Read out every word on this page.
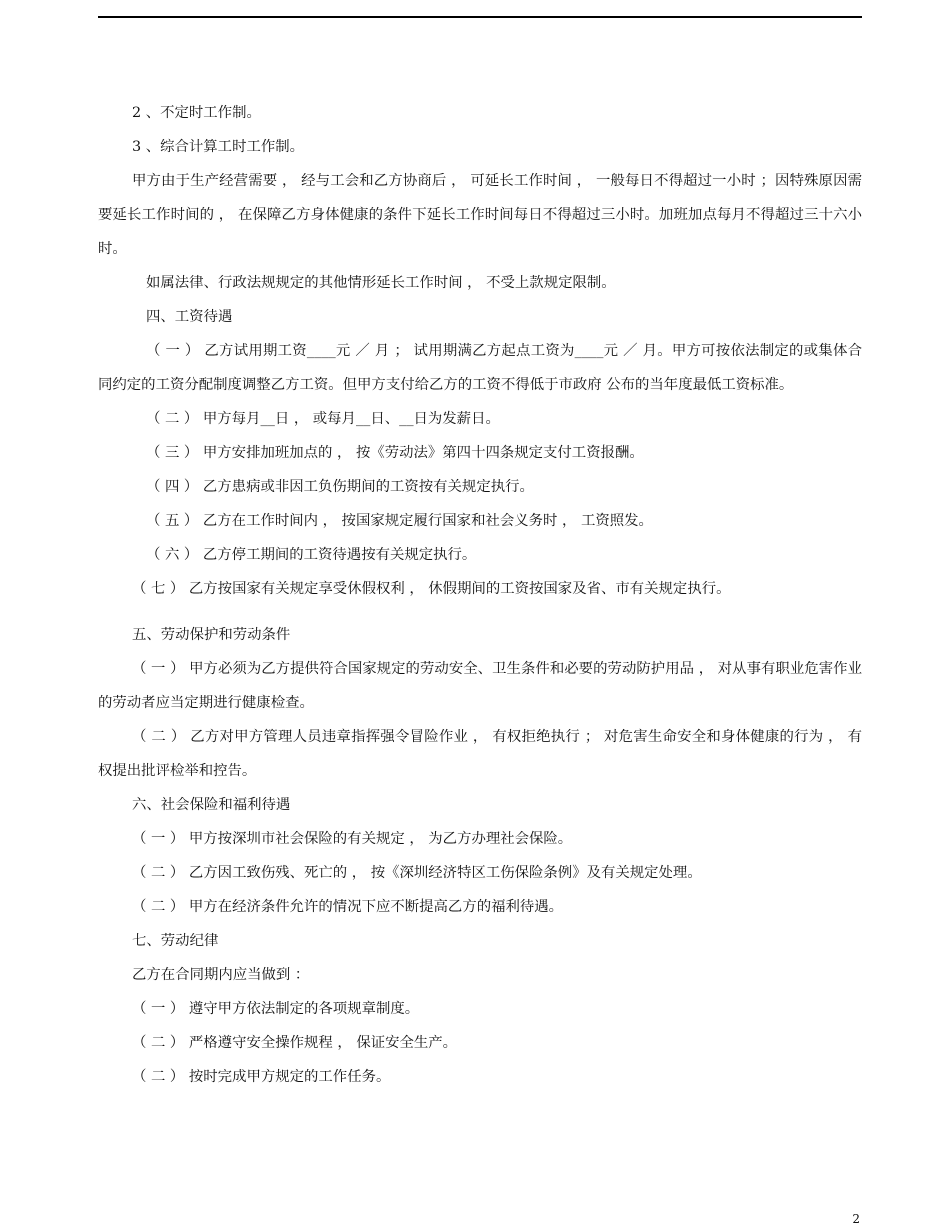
2 、不定时工作制。

3 、综合计算工时工作制。

甲方由于生产经营需要 ， 经与工会和乙方协商后 ， 可延长工作时间 ， 一般每日不得超过一小时 ；因特殊原因需要延长工作时间的 ， 在保障乙方身体健康的条件下延长工作时间每日不得超过三小时。加班加点每月不得超过三十六小时。

如属法律、行政法规规定的其他情形延长工作时间 ， 不受上款规定限制。

四、工资待遇

（ 一 ） 乙方试用期工资____元 ／ 月 ； 试用期满乙方起点工资为____元 ／ 月。甲方可按依法制定的或集体合同约定的工资分配制度调整乙方工资。但甲方支付给乙方的工资不得低于市政府 公布的当年度最低工资标准。

（ 二 ） 甲方每月__日 ， 或每月__日、__日为发薪日。

（ 三 ） 甲方安排加班加点的 ， 按《劳动法》第四十四条规定支付工资报酬。

（ 四 ） 乙方患病或非因工负伤期间的工资按有关规定执行。

（ 五 ） 乙方在工作时间内 ， 按国家规定履行国家和社会义务时 ， 工资照发。

（ 六 ） 乙方停工期间的工资待遇按有关规定执行。

（ 七 ） 乙方按国家有关规定享受休假权利 ， 休假期间的工资按国家及省、市有关规定执行。

五、劳动保护和劳动条件

（ 一 ） 甲方必须为乙方提供符合国家规定的劳动安全、卫生条件和必要的劳动防护用品 ， 对从事有职业危害作业的劳动者应当定期进行健康检查。

（ 二 ） 乙方对甲方管理人员违章指挥强令冒险作业 ， 有权拒绝执行 ； 对危害生命安全和身体健康的行为 ， 有权提出批评检举和控告。

六、社会保险和福利待遇

（ 一 ） 甲方按深圳市社会保险的有关规定 ， 为乙方办理社会保险。

（ 二 ） 乙方因工致伤残、死亡的 ， 按《深圳经济特区工伤保险条例》及有关规定处理。

（ 二 ） 甲方在经济条件允许的情况下应不断提高乙方的福利待遇。

七、劳动纪律

乙方在合同期内应当做到 ：

（ 一 ） 遵守甲方依法制定的各项规章制度。

（ 二 ） 严格遵守安全操作规程 ， 保证安全生产。

（ 二 ） 按时完成甲方规定的工作任务。

2
